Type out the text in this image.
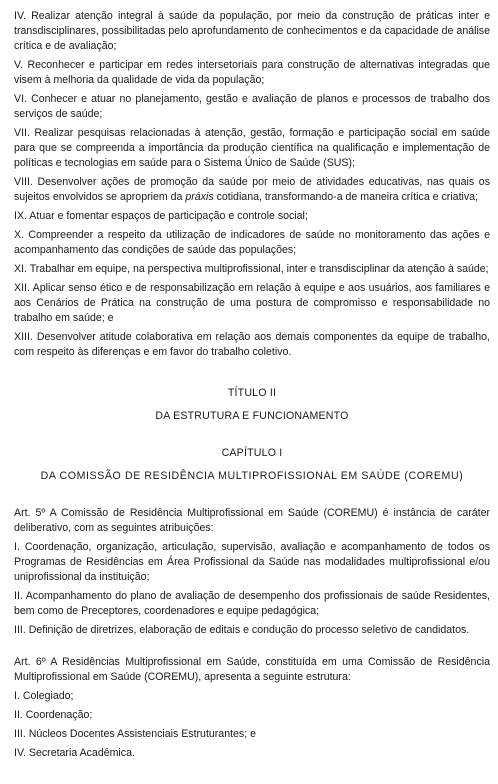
IV. Realizar atenção integral à saúde da população, por meio da construção de práticas inter e transdisciplinares, possibilitadas pelo aprofundamento de conhecimentos e da capacidade de análise crítica e de avaliação;

V. Reconhecer e participar em redes intersetoriais para construção de alternativas integradas que visem à melhoria da qualidade de vida da população;

VI. Conhecer e atuar no planejamento, gestão e avaliação de planos e processos de trabalho dos serviços de saúde;

VII. Realizar pesquisas relacionadas à atenção, gestão, formação e participação social em saúde para que se compreenda a importância da produção científica na qualificação e implementação de políticas e tecnologias em saúde para o Sistema Único de Saúde (SUS);

VIII. Desenvolver ações de promoção da saúde por meio de atividades educativas, nas quais os sujeitos envolvidos se apropriem da práxis cotidiana, transformando-a de maneira crítica e criativa;

IX. Atuar e fomentar espaços de participação e controle social;

X. Compreender a respeito da utilização de indicadores de saúde no monitoramento das ações e acompanhamento das condições de saúde das populações;

XI. Trabalhar em equipe, na perspectiva multiprofissional, inter e transdisciplinar da atenção à saúde;

XII. Aplicar senso ético e de responsabilização em relação à equipe e aos usuários, aos familiares e aos Cenários de Prática na construção de uma postura de compromisso e responsabilidade no trabalho em saúde; e

XIII. Desenvolver atitude colaborativa em relação aos demais componentes da equipe de trabalho, com respeito às diferenças e em favor do trabalho coletivo.

TÍTULO II

DA ESTRUTURA E FUNCIONAMENTO

CAPÍTULO I

DA COMISSÃO DE RESIDÊNCIA MULTIPROFISSIONAL EM SAÚDE (COREMU)

Art. 5º A Comissão de Residência Multiprofissional em Saúde (COREMU) é instância de caráter deliberativo, com as seguintes atribuições:

I. Coordenação, organização, articulação, supervisão, avaliação e acompanhamento de todos os Programas de Residências em Área Profissional da Saúde nas modalidades multiprofissional e/ou uniprofissional da instituição;

II. Acompanhamento do plano de avaliação de desempenho dos profissionais de saúde Residentes, bem como de Preceptores, coordenadores e equipe pedagógica;

III. Definição de diretrizes, elaboração de editais e condução do processo seletivo de candidatos.

Art. 6º A Residências Multiprofissional em Saúde, constituída em uma Comissão de Residência Multiprofissional em Saúde (COREMU), apresenta a seguinte estrutura:

I. Colegiado;

II. Coordenação;

III. Núcleos Docentes Assistenciais Estruturantes; e

IV. Secretaria Acadêmica.
